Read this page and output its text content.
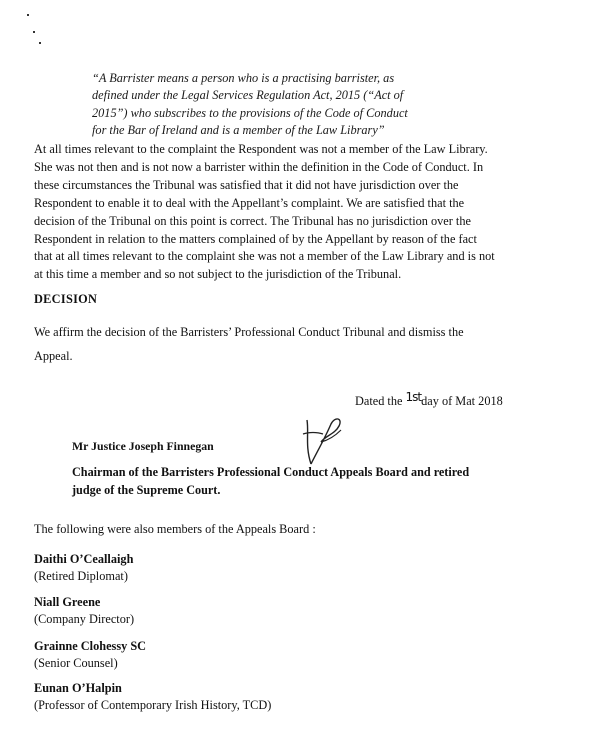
“A Barrister means a person who is a practising barrister, as
defined under the Legal Services Regulation Act, 2015 (“Act of
2015”) who subscribes to the provisions of the Code of Conduct
for the Bar of Ireland and is a member of the Law Library”
At all times relevant to the complaint the Respondent was not a member of the Law Library.
She was not then and is not now a barrister within the definition in the Code of Conduct. In
these circumstances the Tribunal was satisfied that it did not have jurisdiction over the
Respondent to enable it to deal with the Appellant’s complaint. We are satisfied that the
decision of the Tribunal on this point is correct. The Tribunal has no jurisdiction over the
Respondent in relation to the matters complained of by the Appellant by reason of the fact
that at all times relevant to the complaint she was not a member of the Law Library and is not
at this time a member and so not subject to the jurisdiction of the Tribunal.
DECISION
We affirm the decision of the Barristers’ Professional Conduct Tribunal and dismiss the
Appeal.
Dated the 1stday of Mat 2018
Mr Justice Joseph Finnegan
Chairman of the Barristers Professional Conduct Appeals Board and retired
judge of the Supreme Court.
The following were also members of the Appeals Board :
Daithi O’Ceallaigh
(Retired Diplomat)
Niall Greene
(Company Director)
Grainne Clohessy SC
(Senior Counsel)
Eunan O’Halpin
(Professor of Contemporary Irish History, TCD)
